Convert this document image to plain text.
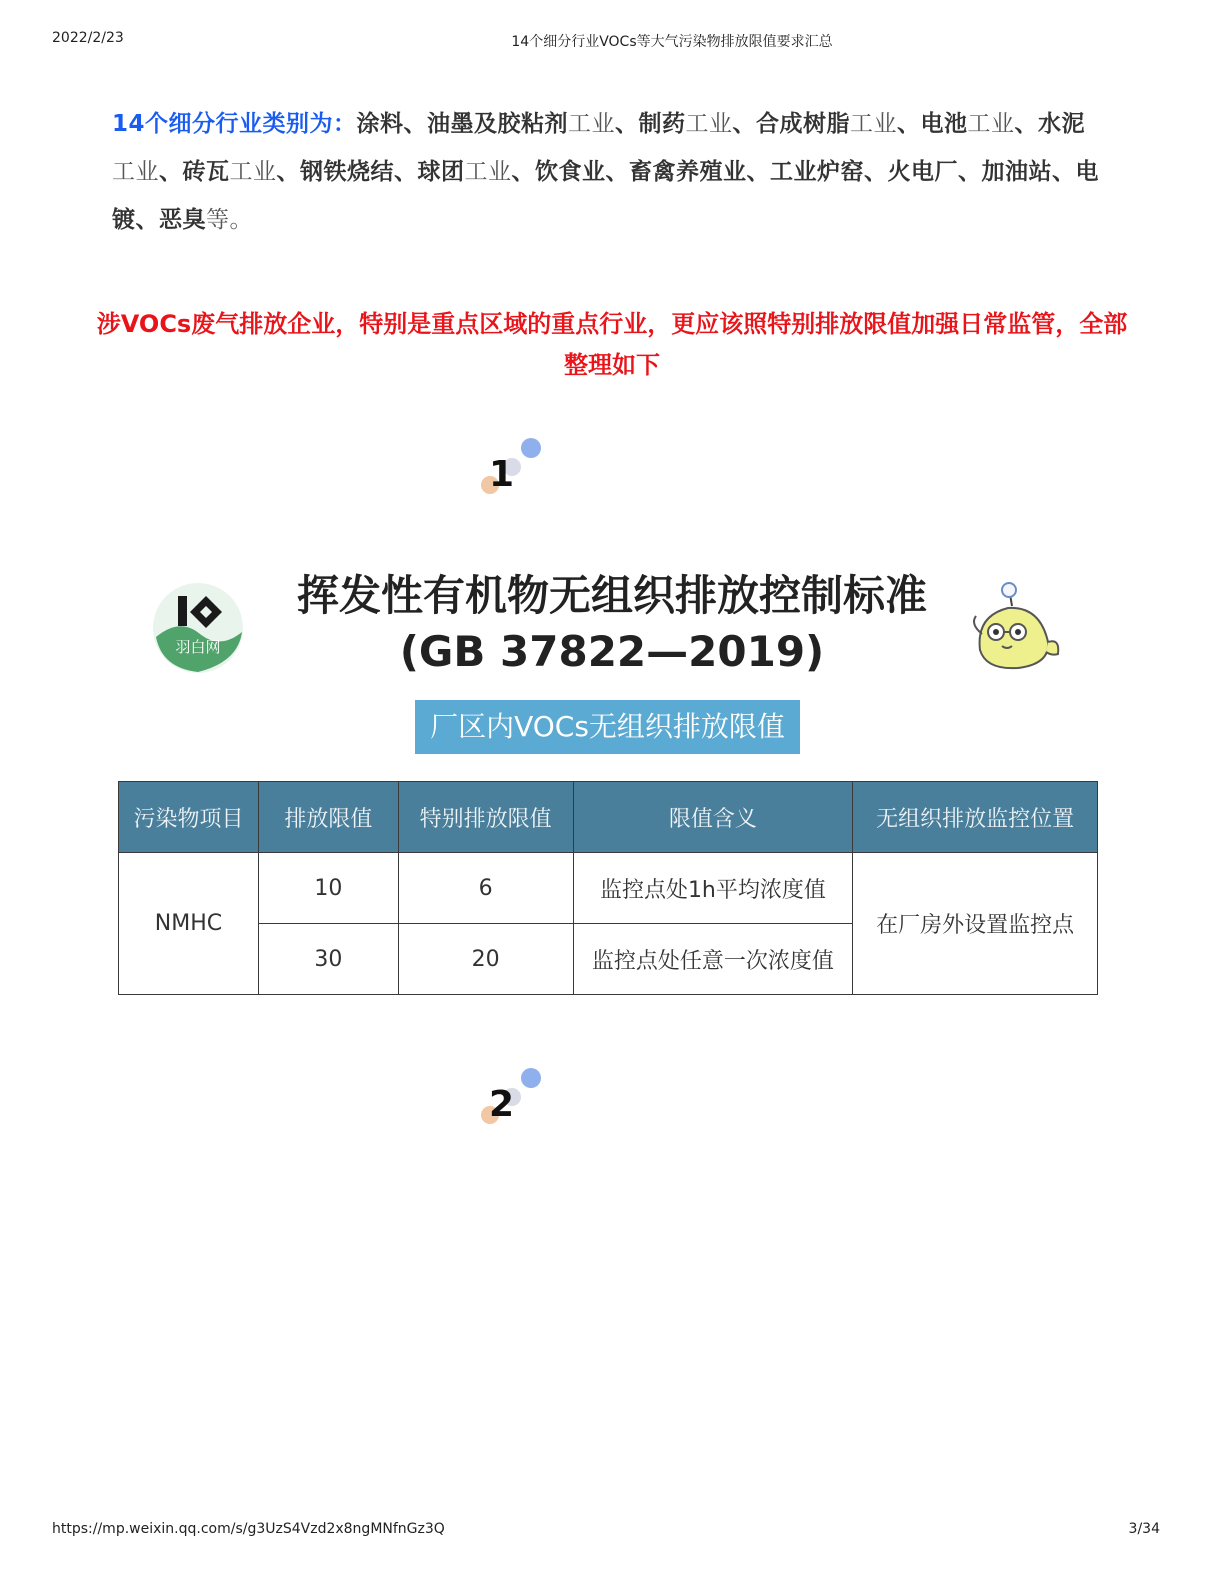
2022/2/23	14个细分行业VOCs等大气污染物排放限值要求汇总
14个细分行业类别为：涂料、油墨及胶粘剂工业、制药工业、合成树脂工业、电池工业、水泥工业、砖瓦工业、钢铁烧结、球团工业、饮食业、畜禽养殖业、工业炉窑、火电厂、加油站、电镀、恶臭等。
涉VOCs废气排放企业，特别是重点区域的重点行业，更应该照特别排放限值加强日常监管，全部整理如下
1
羽白网
挥发性有机物无组织排放控制标准
(GB 37822—2019)
厂区内VOCs无组织排放限值
污染物项目	排放限值	特别排放限值	限值含义	无组织排放监控位置
NMHC	10	6	监控点处1h平均浓度值	在厂房外设置监控点
	30	20	监控点处任意一次浓度值	
2
https://mp.weixin.qq.com/s/g3UzS4Vzd2x8ngMNfnGz3Q	3/34
